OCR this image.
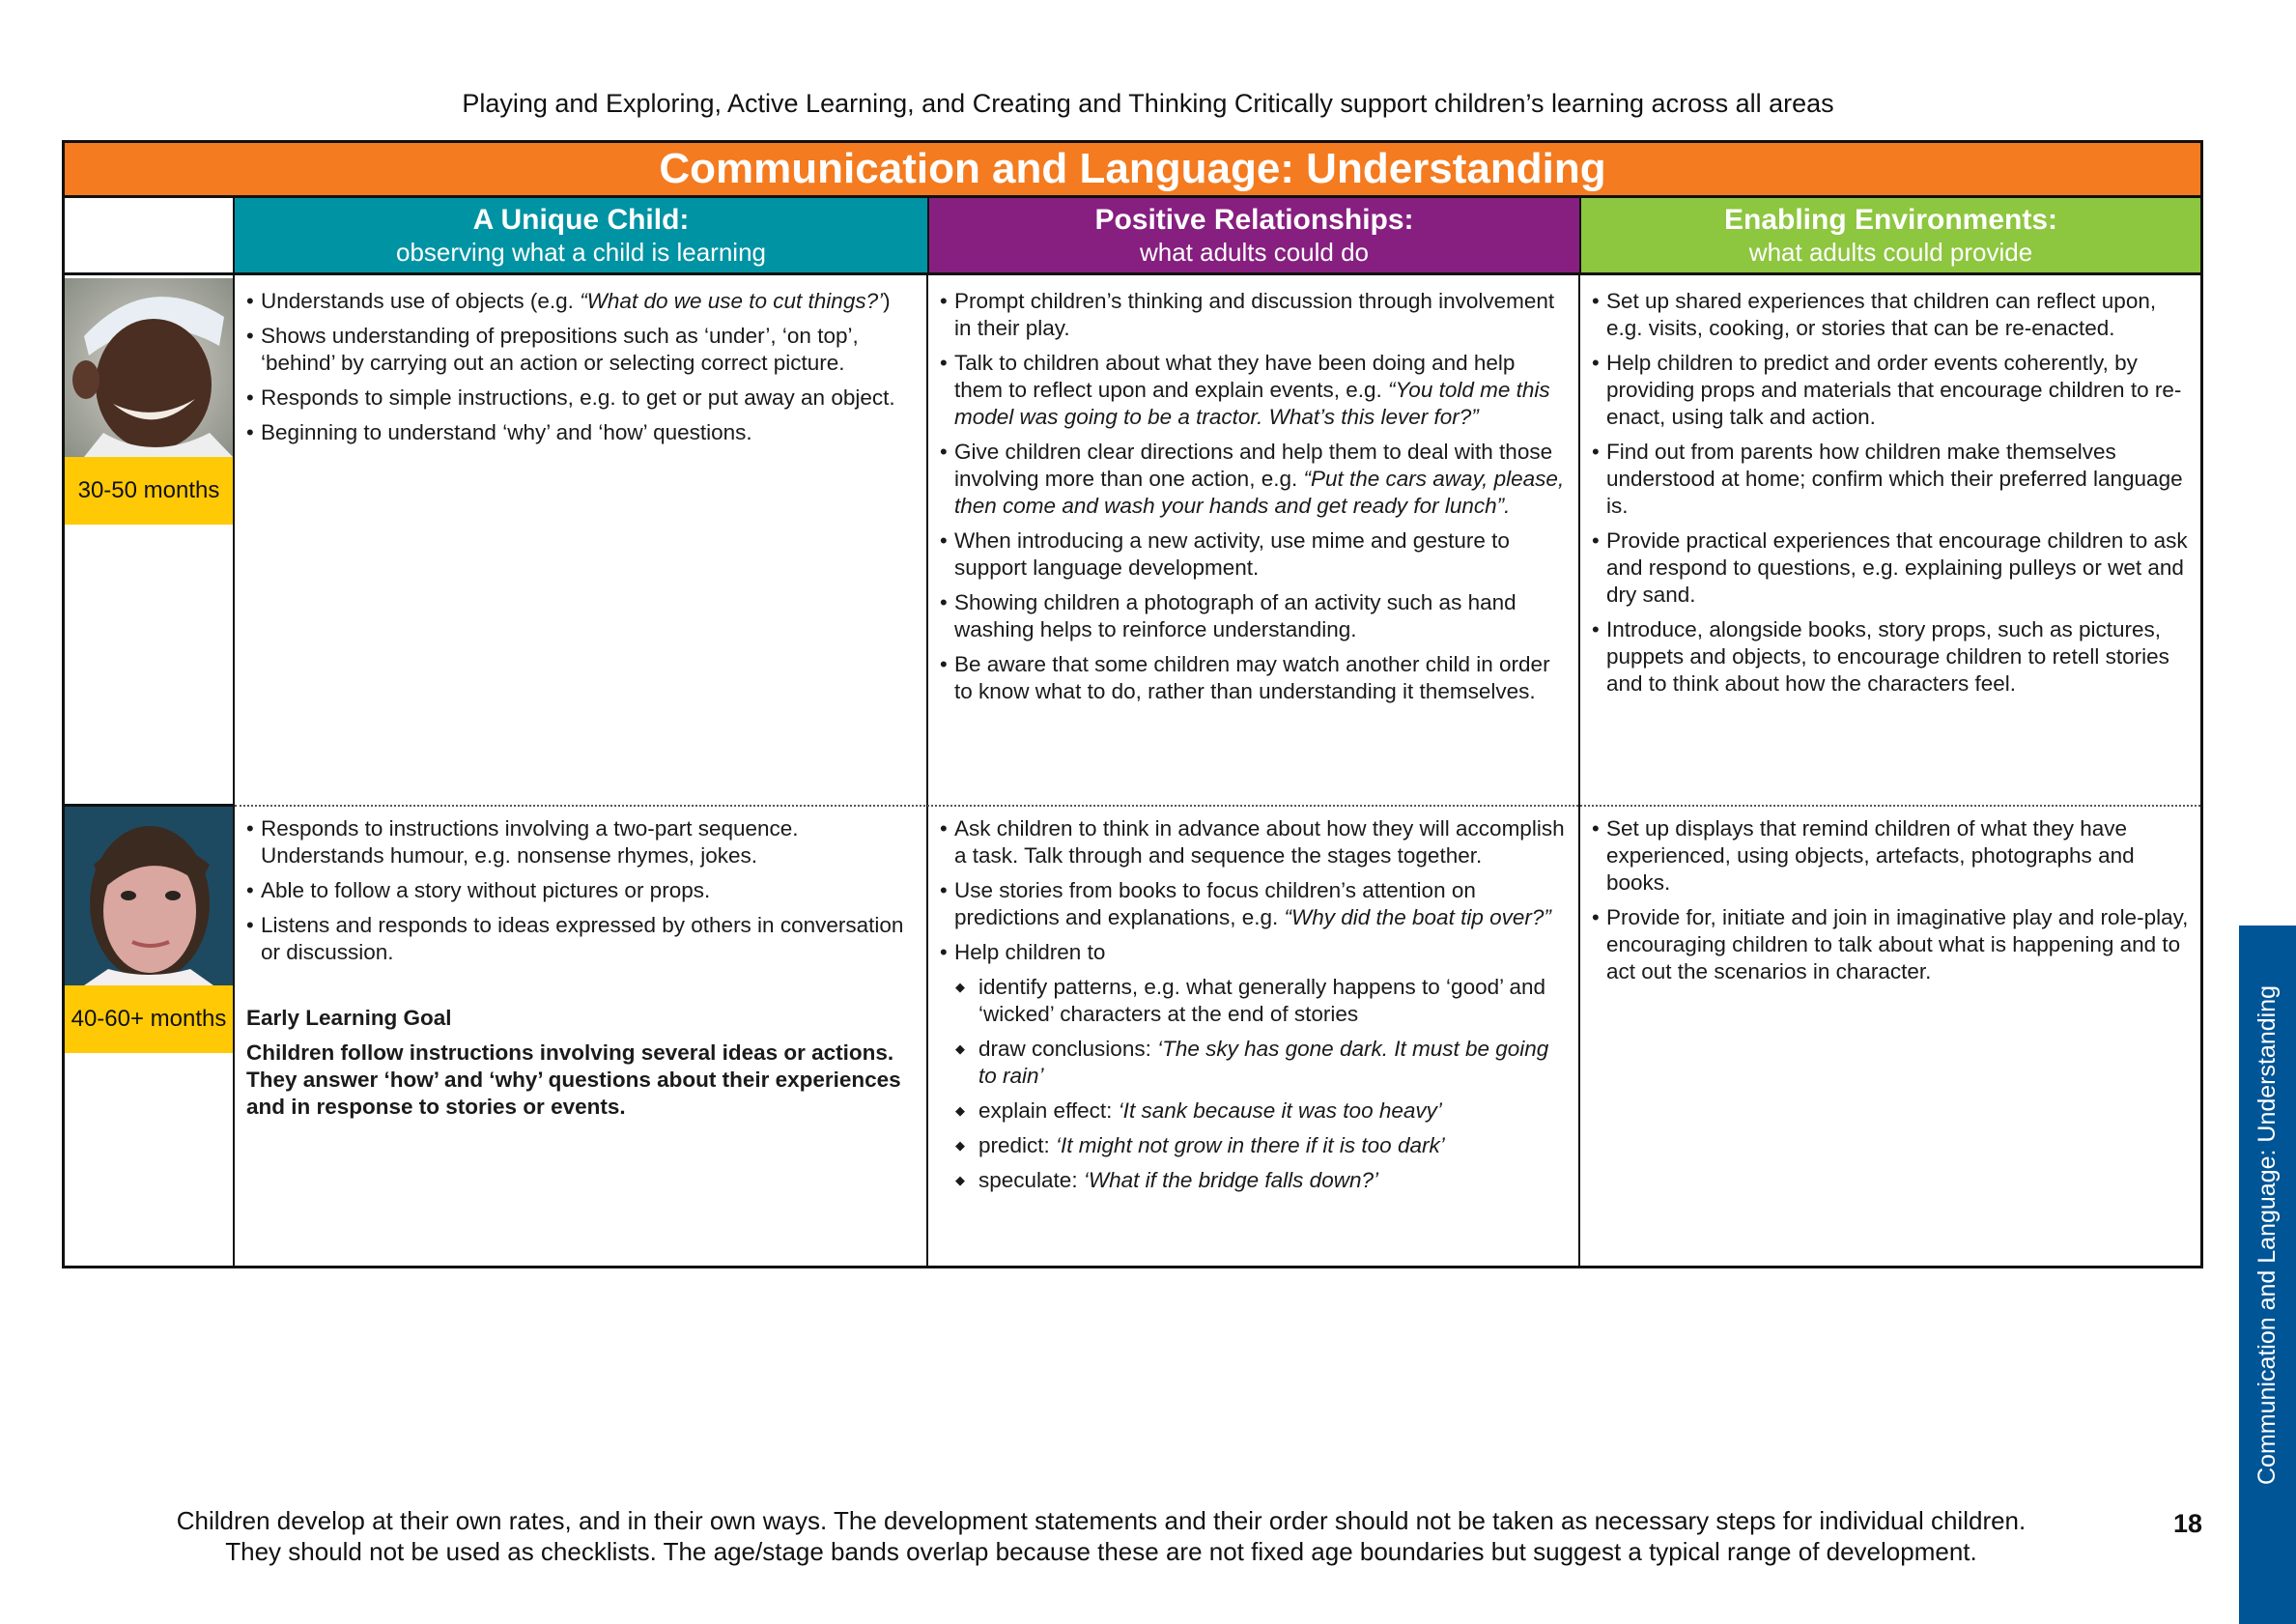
Playing and Exploring, Active Learning, and Creating and Thinking Critically support children’s learning across all areas
Communication and Language: Understanding
A Unique Child:
observing what a child is learning
Positive Relationships:
what adults could do
Enabling Environments:
what adults could provide
30-50 months
• Understands use of objects (e.g. “What do we use to cut things?’)
• Shows understanding of prepositions such as ‘under’, ‘on top’, ‘behind’ by carrying out an action or selecting correct picture.
• Responds to simple instructions, e.g. to get or put away an object.
• Beginning to understand ‘why’ and ‘how’ questions.
• Prompt children’s thinking and discussion through involvement in their play.
• Talk to children about what they have been doing and help them to reflect upon and explain events, e.g. “You told me this model was going to be a tractor. What’s this lever for?”
• Give children clear directions and help them to deal with those involving more than one action, e.g. “Put the cars away, please, then come and wash your hands and get ready for lunch”.
• When introducing a new activity, use mime and gesture to support language development.
• Showing children a photograph of an activity such as hand washing helps to reinforce understanding.
• Be aware that some children may watch another child in order to know what to do, rather than understanding it themselves.
• Set up shared experiences that children can reflect upon, e.g. visits, cooking, or stories that can be re-enacted.
• Help children to predict and order events coherently, by providing props and materials that encourage children to re-enact, using talk and action.
• Find out from parents how children make themselves understood at home; confirm which their preferred language is.
• Provide practical experiences that encourage children to ask and respond to questions, e.g. explaining pulleys or wet and dry sand.
• Introduce, alongside books, story props, such as pictures, puppets and objects, to encourage children to retell stories and to think about how the characters feel.
40-60+ months
• Responds to instructions involving a two-part sequence. Understands humour, e.g. nonsense rhymes, jokes.
• Able to follow a story without pictures or props.
• Listens and responds to ideas expressed by others in conversation or discussion.
Early Learning Goal
Children follow instructions involving several ideas or actions. They answer ‘how’ and ‘why’ questions about their experiences and in response to stories or events.
• Ask children to think in advance about how they will accomplish a task. Talk through and sequence the stages together.
• Use stories from books to focus children’s attention on predictions and explanations, e.g. “Why did the boat tip over?”
• Help children to
◆ identify patterns, e.g. what generally happens to ‘good’ and ‘wicked’ characters at the end of stories
◆ draw conclusions: ‘The sky has gone dark. It must be going to rain’
◆ explain effect: ‘It sank because it was too heavy’
◆ predict: ‘It might not grow in there if it is too dark’
◆ speculate: ‘What if the bridge falls down?’
• Set up displays that remind children of what they have experienced, using objects, artefacts, photographs and books.
• Provide for, initiate and join in imaginative play and role-play, encouraging children to talk about what is happening and to act out the scenarios in character.
Children develop at their own rates, and in their own ways. The development statements and their order should not be taken as necessary steps for individual children.
They should not be used as checklists. The age/stage bands overlap because these are not fixed age boundaries but suggest a typical range of development.
18
Communication and Language: Understanding
